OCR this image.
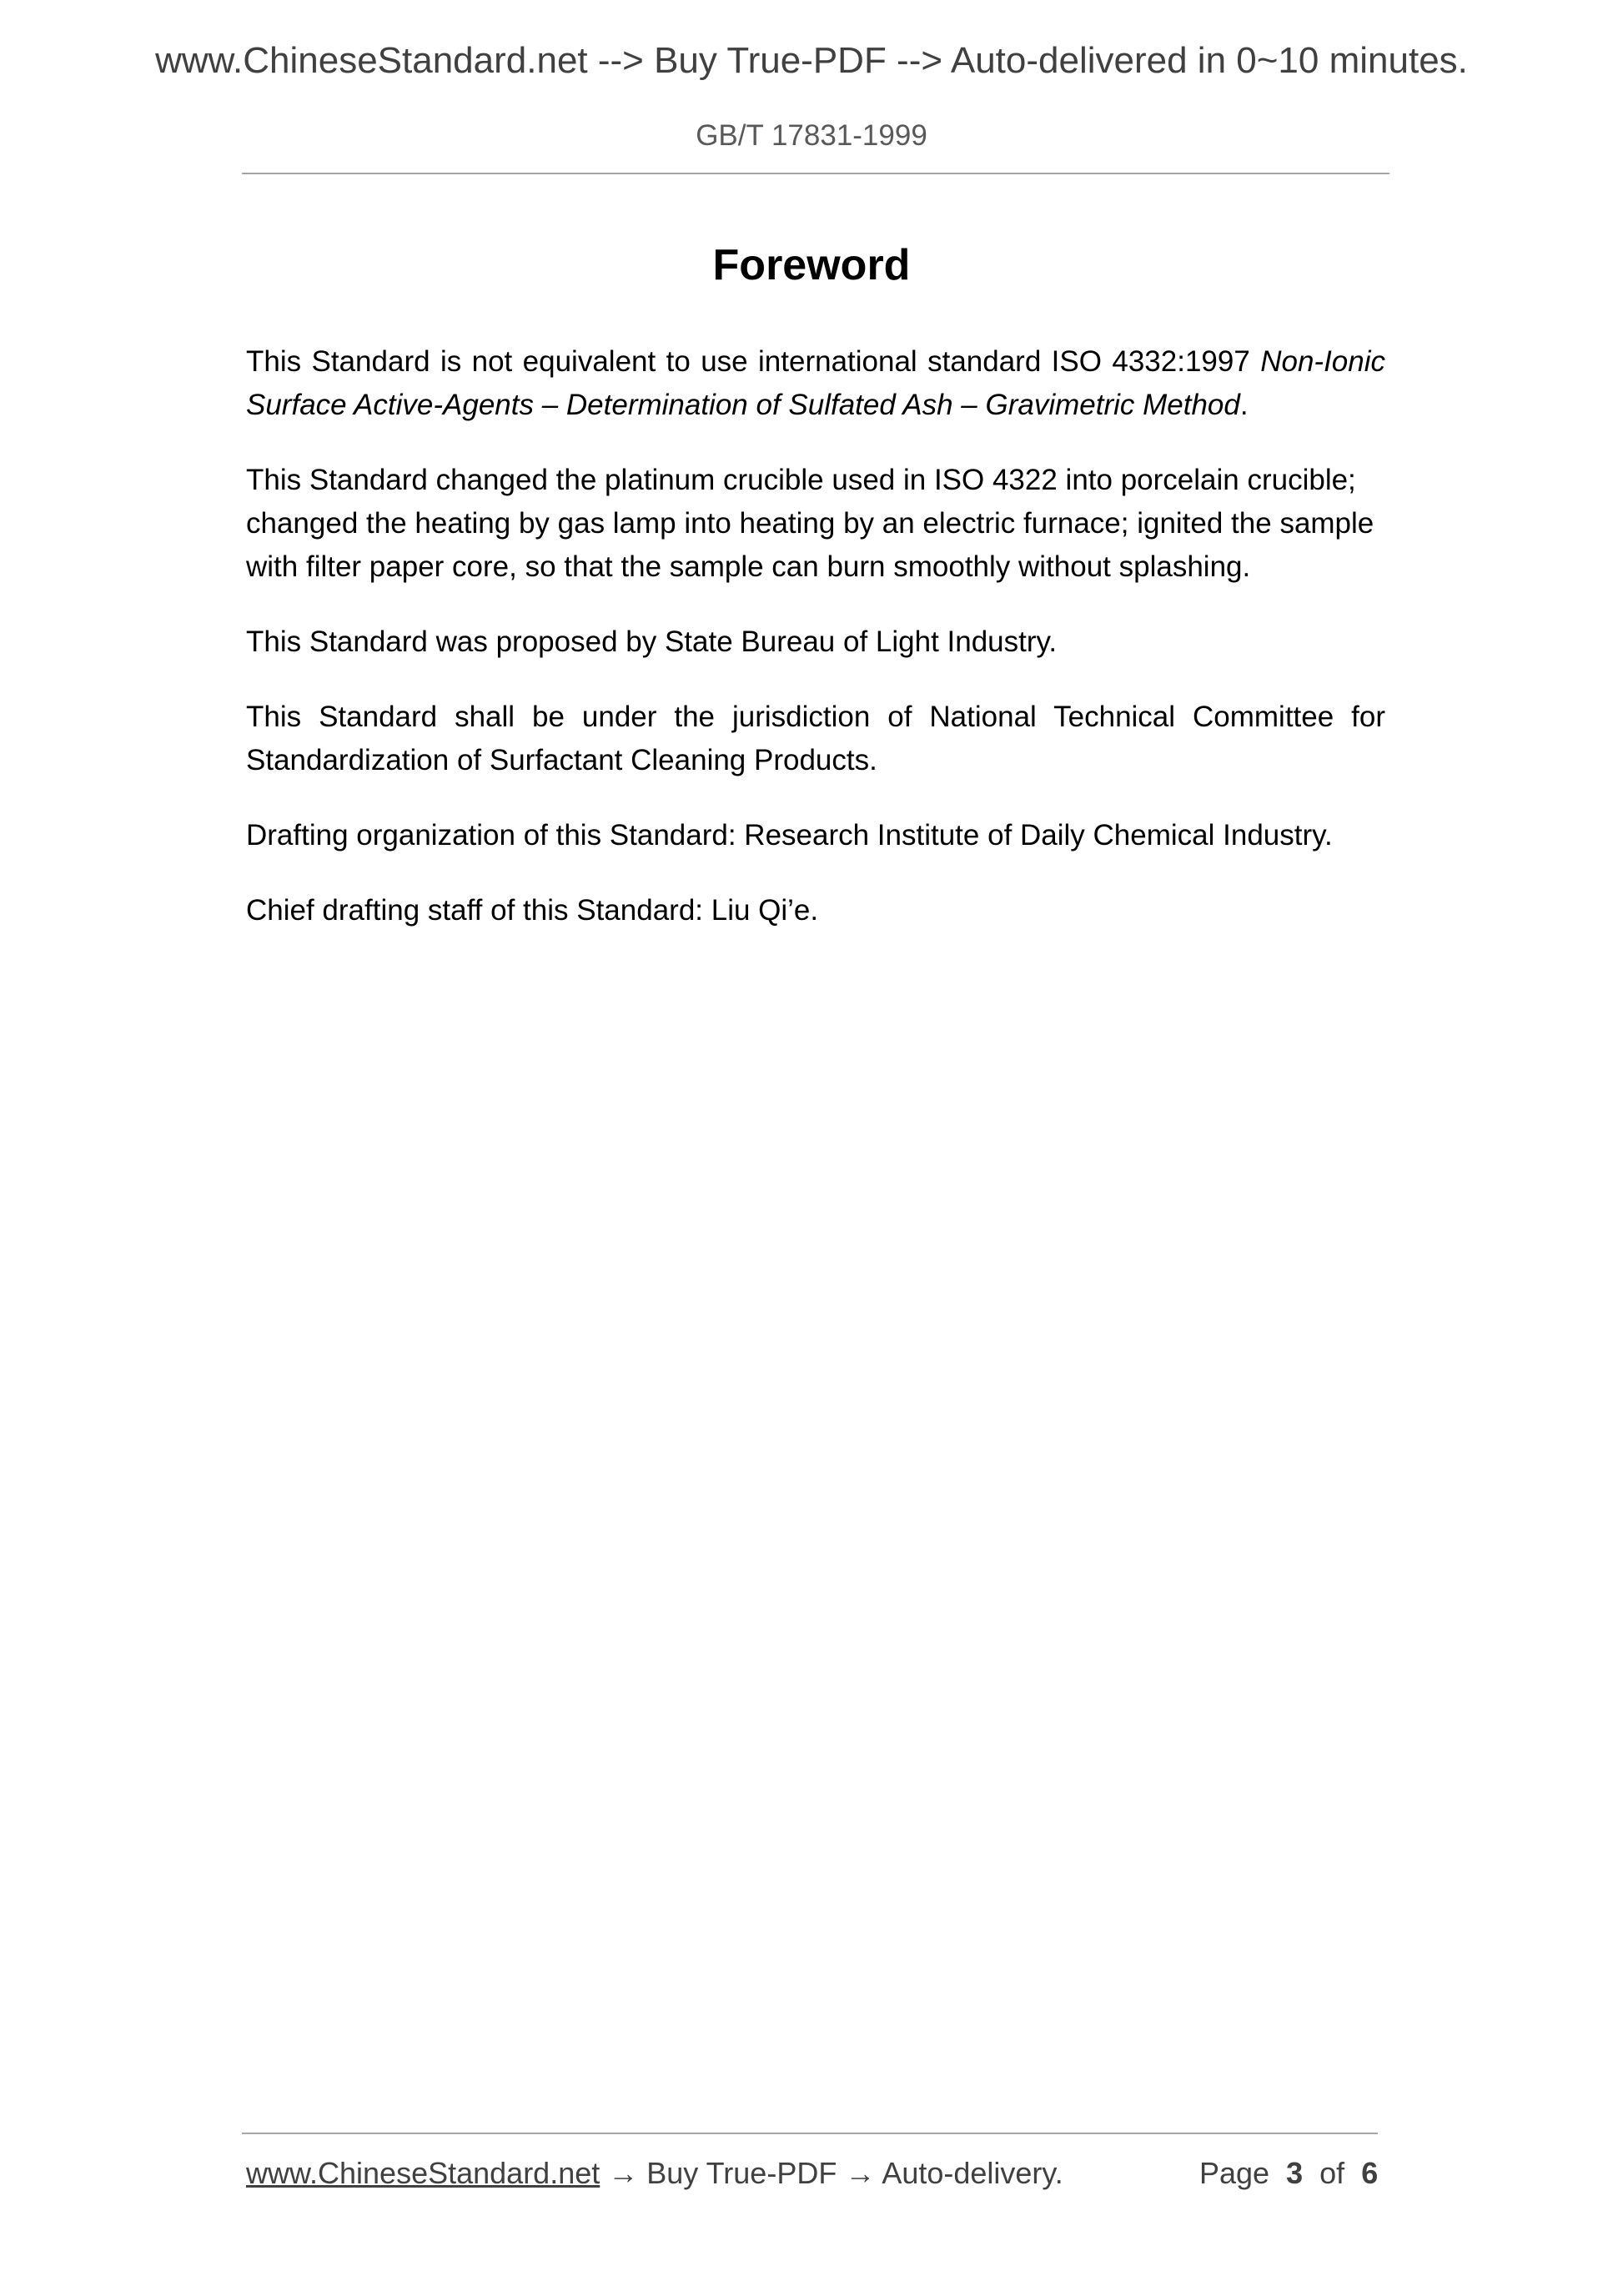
www.ChineseStandard.net --> Buy True-PDF --> Auto-delivered in 0~10 minutes.
GB/T 17831-1999
Foreword

This Standard is not equivalent to use international standard ISO 4332:1997 Non-Ionic Surface Active-Agents – Determination of Sulfated Ash – Gravimetric Method.

This Standard changed the platinum crucible used in ISO 4322 into porcelain crucible; changed the heating by gas lamp into heating by an electric furnace; ignited the sample with filter paper core, so that the sample can burn smoothly without splashing.

This Standard was proposed by State Bureau of Light Industry.

This Standard shall be under the jurisdiction of National Technical Committee for Standardization of Surfactant Cleaning Products.

Drafting organization of this Standard: Research Institute of Daily Chemical Industry.

Chief drafting staff of this Standard: Liu Qi’e.

www.ChineseStandard.net → Buy True-PDF → Auto-delivery.	Page 3 of 6
